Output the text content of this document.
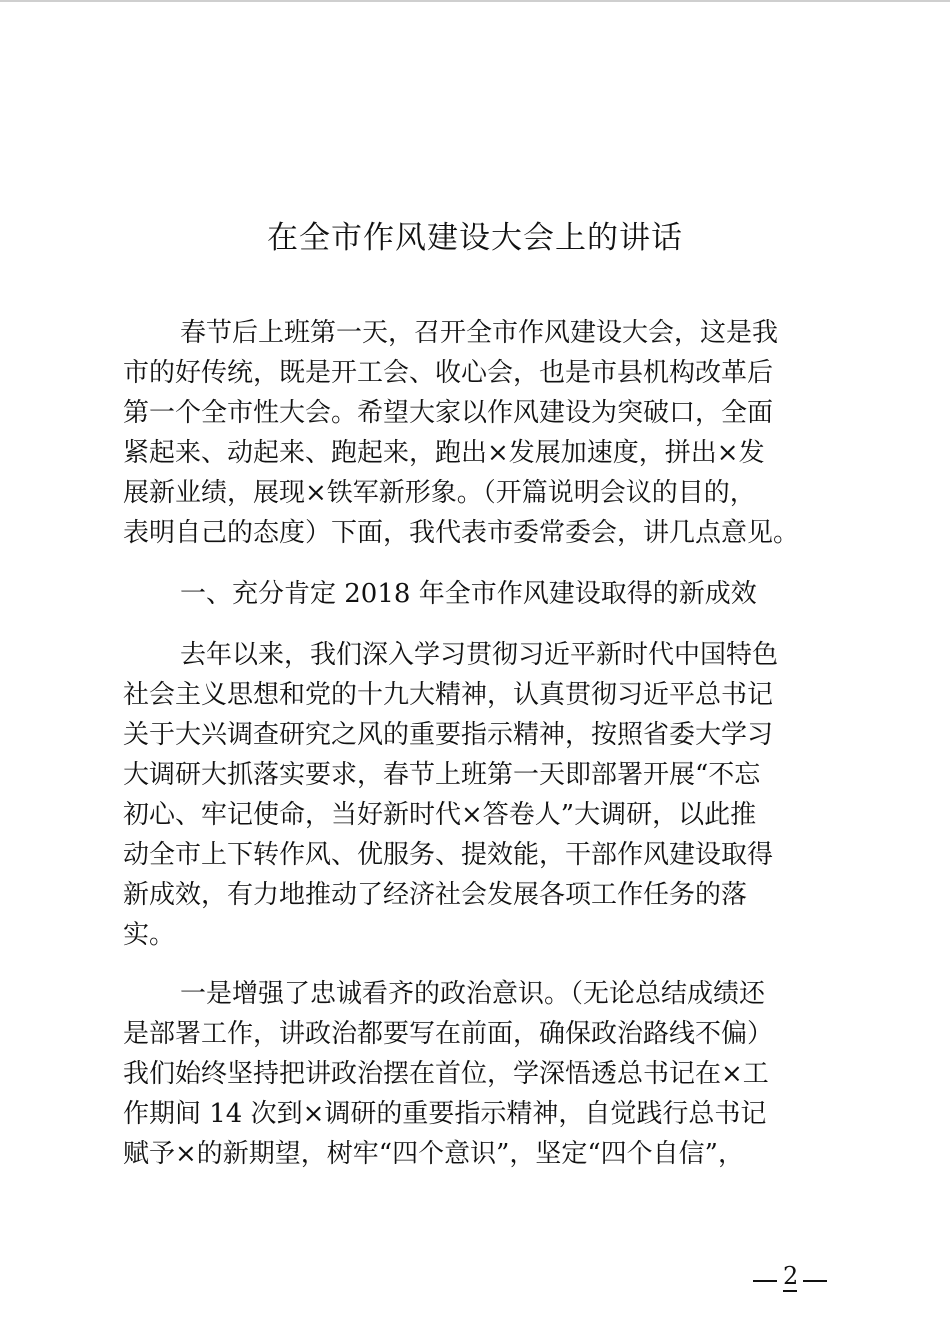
在全市作风建设大会上的讲话
春节后上班第一天，召开全市作风建设大会，这是我
市的好传统，既是开工会、收心会，也是市县机构改革后
第一个全市性大会。希望大家以作风建设为突破口，全面
紧起来、动起来、跑起来，跑出×发展加速度，拼出×发
展新业绩，展现×铁军新形象。（开篇说明会议的目的，
表明自己的态度）下面，我代表市委常委会，讲几点意见。
一、充分肯定 2018 年全市作风建设取得的新成效
去年以来，我们深入学习贯彻习近平新时代中国特色
社会主义思想和党的十九大精神，认真贯彻习近平总书记
关于大兴调查研究之风的重要指示精神，按照省委大学习
大调研大抓落实要求，春节上班第一天即部署开展“不忘
初心、牢记使命，当好新时代×答卷人”大调研，以此推
动全市上下转作风、优服务、提效能，干部作风建设取得
新成效，有力地推动了经济社会发展各项工作任务的落
实。
一是增强了忠诚看齐的政治意识。（无论总结成绩还
是部署工作，讲政治都要写在前面，确保政治路线不偏）
我们始终坚持把讲政治摆在首位，学深悟透总书记在×工
作期间 14 次到×调研的重要指示精神，自觉践行总书记
赋予×的新期望，树牢“四个意识”，坚定“四个自信”，
2
